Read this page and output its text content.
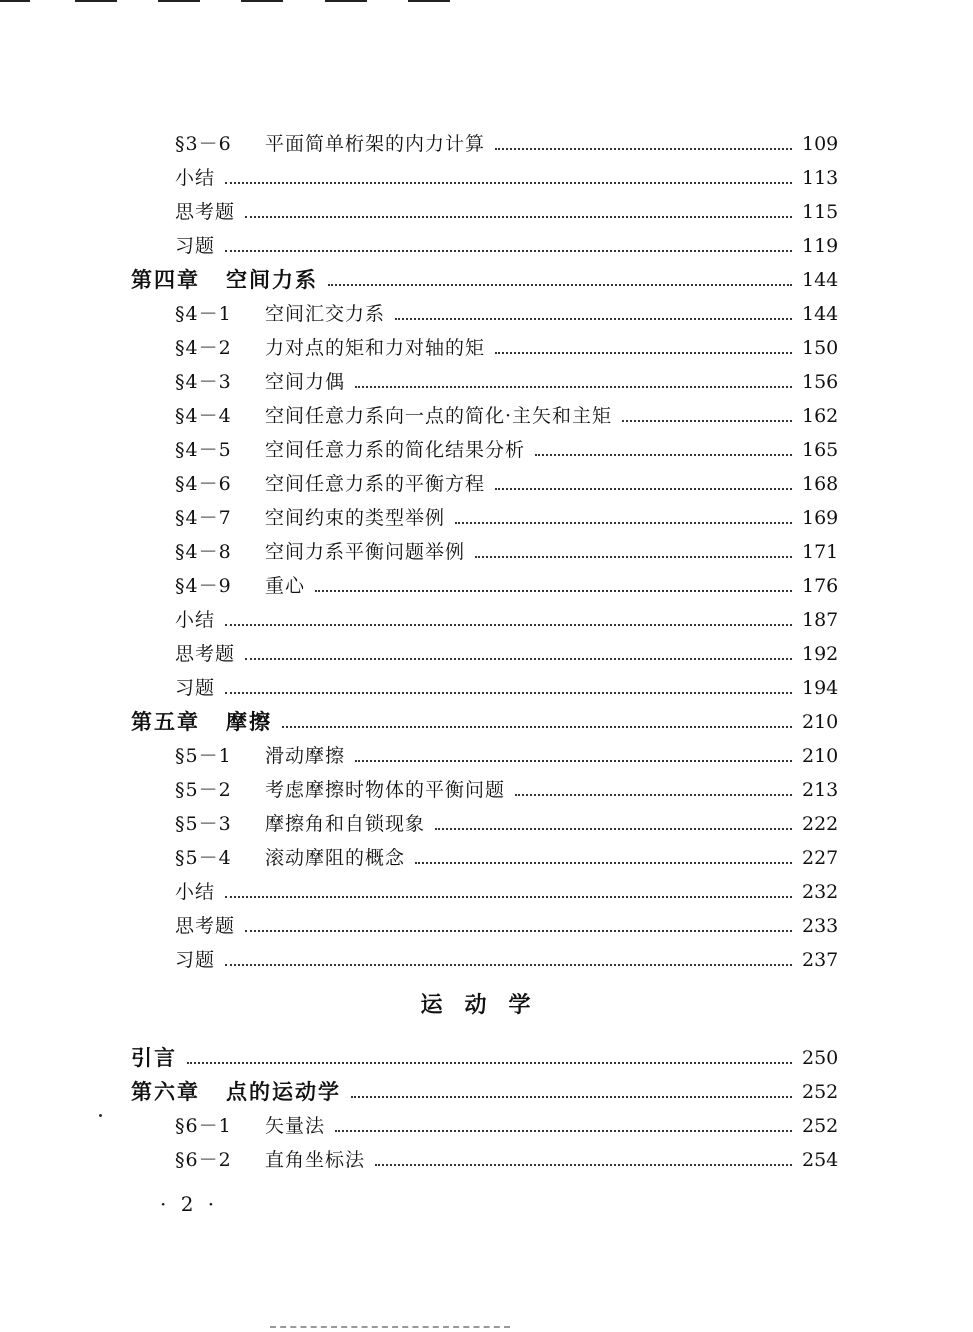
§3－6	平面简单桁架的内力计算	109
小结	113
思考题	115
习题	119
第四章 空间力系	144
§4－1	空间汇交力系	144
§4－2	力对点的矩和力对轴的矩	150
§4－3	空间力偶	156
§4－4	空间任意力系向一点的简化·主矢和主矩	162
§4－5	空间任意力系的简化结果分析	165
§4－6	空间任意力系的平衡方程	168
§4－7	空间约束的类型举例	169
§4－8	空间力系平衡问题举例	171
§4－9	重心	176
小结	187
思考题	192
习题	194
第五章 摩擦	210
§5－1	滑动摩擦	210
§5－2	考虑摩擦时物体的平衡问题	213
§5－3	摩擦角和自锁现象	222
§5－4	滚动摩阻的概念	227
小结	232
思考题	233
习题	237
运动学
引言	250
第六章 点的运动学	252
§6－1	矢量法	252
§6－2	直角坐标法	254
· 2 ·
